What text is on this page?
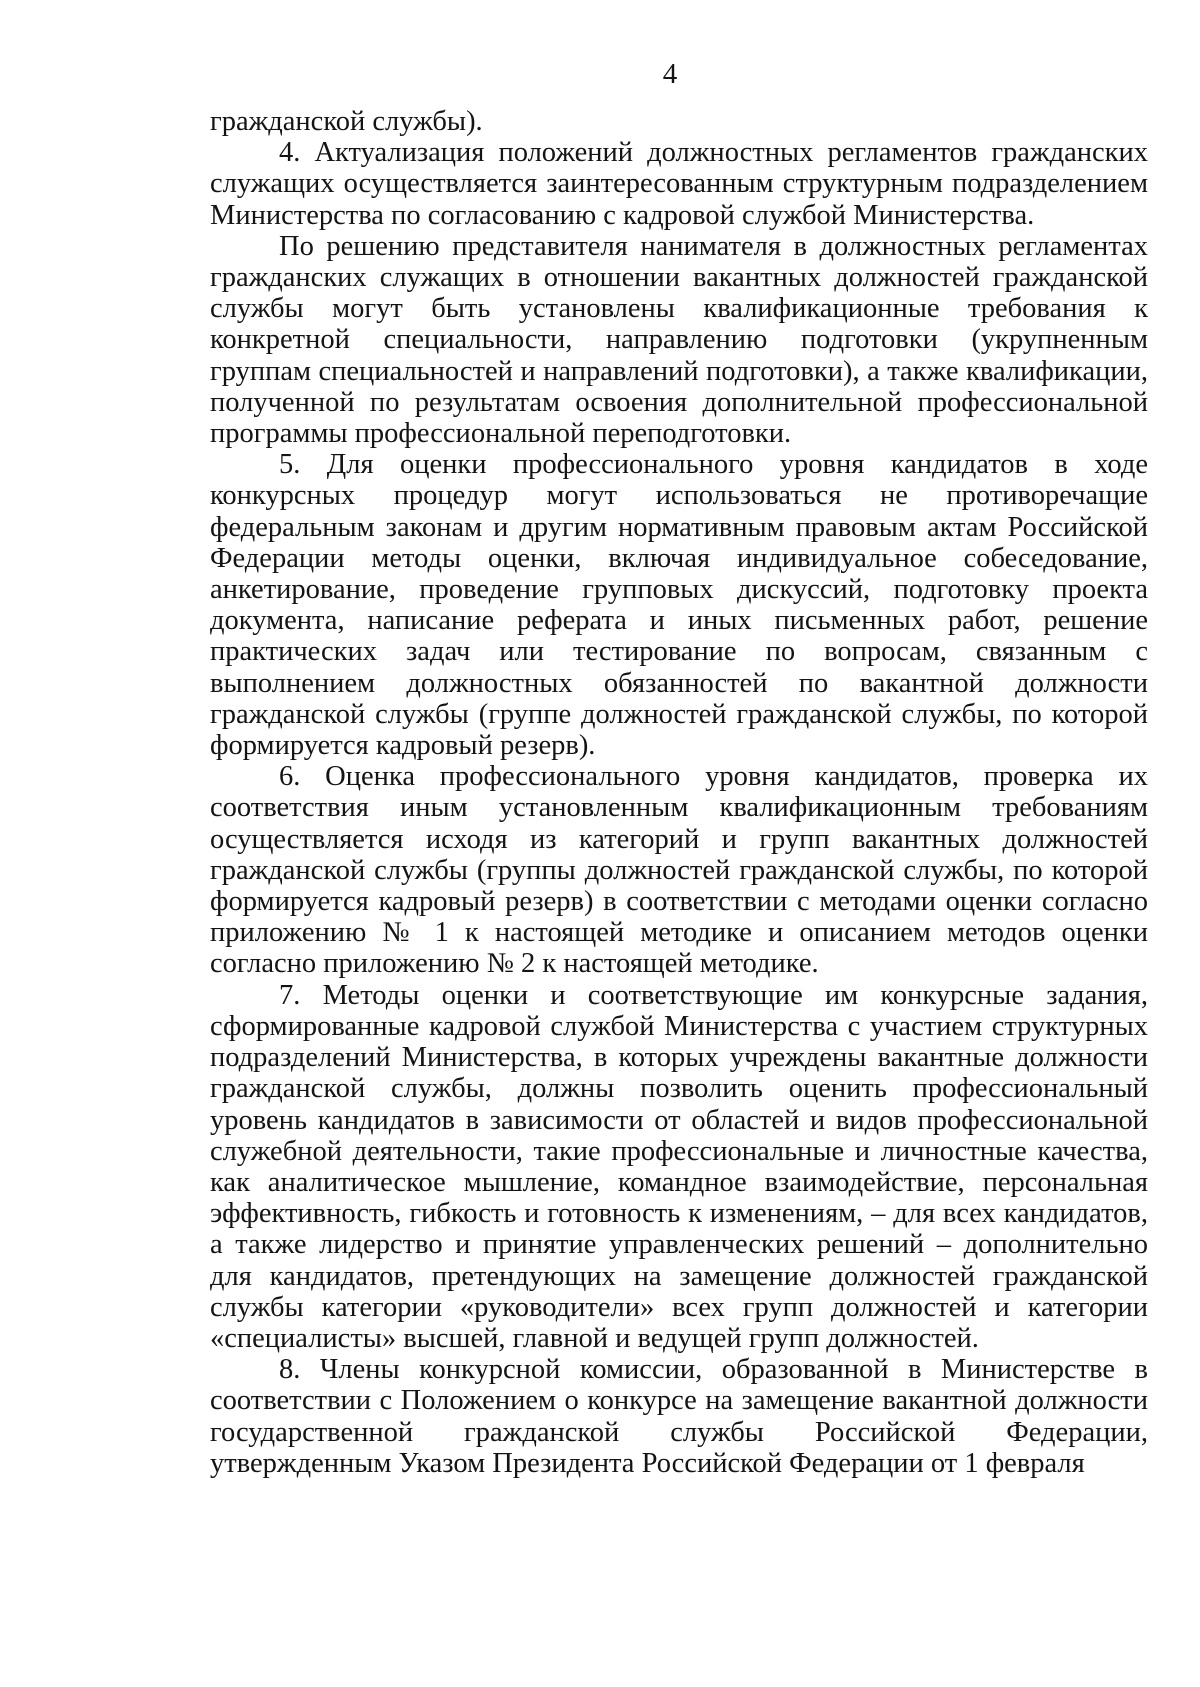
4

гражданской службы).

4. Актуализация положений должностных регламентов гражданских служащих осуществляется заинтересованным структурным подразделением Министерства по согласованию с кадровой службой Министерства.

По решению представителя нанимателя в должностных регламентах гражданских служащих в отношении вакантных должностей гражданской службы могут быть установлены квалификационные требования к конкретной специальности, направлению подготовки (укрупненным группам специальностей и направлений подготовки), а также квалификации, полученной по результатам освоения дополнительной профессиональной программы профессиональной переподготовки.

5. Для оценки профессионального уровня кандидатов в ходе конкурсных процедур могут использоваться не противоречащие федеральным законам и другим нормативным правовым актам Российской Федерации методы оценки, включая индивидуальное собеседование, анкетирование, проведение групповых дискуссий, подготовку проекта документа, написание реферата и иных письменных работ, решение практических задач или тестирование по вопросам, связанным с выполнением должностных обязанностей по вакантной должности гражданской службы (группе должностей гражданской службы, по которой формируется кадровый резерв).

6. Оценка профессионального уровня кандидатов, проверка их соответствия иным установленным квалификационным требованиям осуществляется исходя из категорий и групп вакантных должностей гражданской службы (группы должностей гражданской службы, по которой формируется кадровый резерв) в соответствии с методами оценки согласно приложению № 1 к настоящей методике и описанием методов оценки согласно приложению № 2 к настоящей методике.

7. Методы оценки и соответствующие им конкурсные задания, сформированные кадровой службой Министерства с участием структурных подразделений Министерства, в которых учреждены вакантные должности гражданской службы, должны позволить оценить профессиональный уровень кандидатов в зависимости от областей и видов профессиональной служебной деятельности, такие профессиональные и личностные качества, как аналитическое мышление, командное взаимодействие, персональная эффективность, гибкость и готовность к изменениям, – для всех кандидатов, а также лидерство и принятие управленческих решений – дополнительно для кандидатов, претендующих на замещение должностей гражданской службы категории «руководители» всех групп должностей и категории «специалисты» высшей, главной и ведущей групп должностей.

8. Члены конкурсной комиссии, образованной в Министерстве в соответствии с Положением о конкурсе на замещение вакантной должности государственной гражданской службы Российской Федерации, утвержденным Указом Президента Российской Федерации от 1 февраля
